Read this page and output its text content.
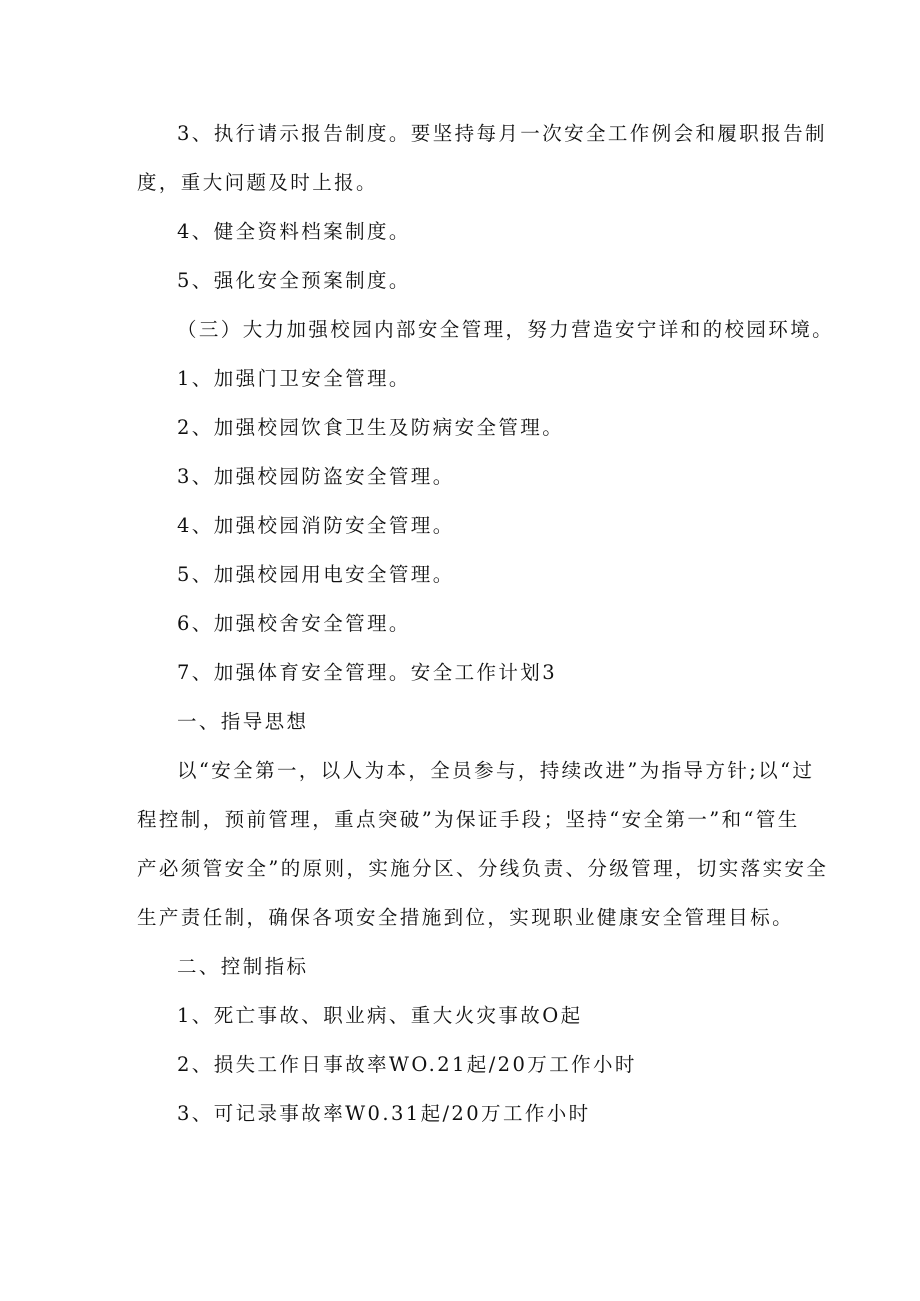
3、执行请示报告制度。要坚持每月一次安全工作例会和履职报告制
度，重大问题及时上报。
4、健全资料档案制度。
5、强化安全预案制度。
（三）大力加强校园内部安全管理，努力营造安宁详和的校园环境。
1、加强门卫安全管理。
2、加强校园饮食卫生及防病安全管理。
3、加强校园防盗安全管理。
4、加强校园消防安全管理。
5、加强校园用电安全管理。
6、加强校舍安全管理。
7、加强体育安全管理。安全工作计划3
一、指导思想
以“安全第一，以人为本，全员参与，持续改进”为指导方针;以“过
程控制，预前管理，重点突破”为保证手段；坚持“安全第一”和“管生
产必须管安全”的原则，实施分区、分线负责、分级管理，切实落实安全
生产责任制，确保各项安全措施到位，实现职业健康安全管理目标。
二、控制指标
1、死亡事故、职业病、重大火灾事故O起
2、损失工作日事故率WO.21起/20万工作小时
3、可记录事故率W0.31起/20万工作小时
